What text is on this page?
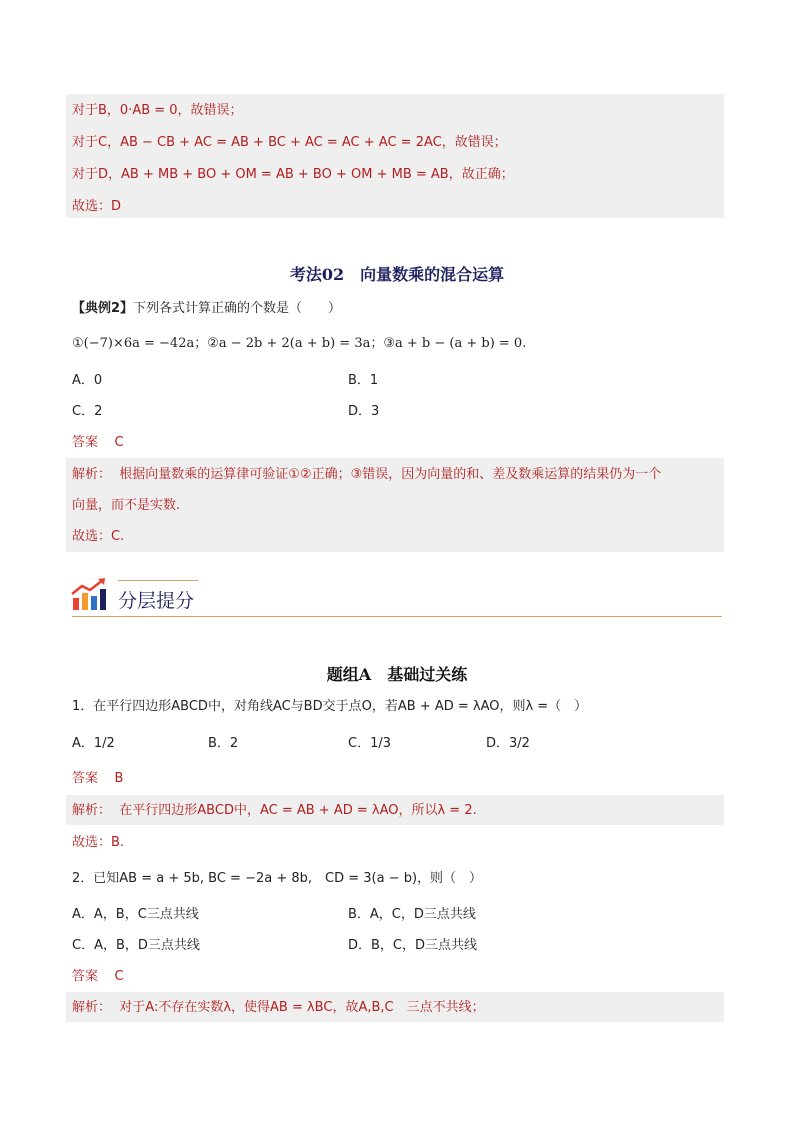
对于B，0·AB = 0，故错误；
对于C，AB − CB + AC = AB + BC + AC = AC + AC = 2AC，故错误；
对于D，AB + MB + BO + OM = AB + BO + OM + MB = AB，故正确；
故选：D
考法02　向量数乘的混合运算
【典例2】下列各式计算正确的个数是（　　）
①(−7)×6a = −42a；②a − 2b + 2(a + b) = 3a；③a + b − (a + b) = 0.
A．0	B．1
C．2	D．3
答案 C
解析： 根据向量数乘的运算律可验证①②正确；③错误，因为向量的和、差及数乘运算的结果仍为一个
向量，而不是实数.
故选：C.
分层提分
题组A　基础过关练
1．在平行四边形ABCD中，对角线AC与BD交于点O，若AB + AD = λAO，则λ =（　）
A．1/2	B．2	C．1/3	D．3/2
答案 B
解析： 在平行四边形ABCD中，AC = AB + AD = λAO，所以λ = 2.
故选：B.
2．已知AB = a + 5b, BC = −2a + 8b,　CD = 3(a − b)，则（　）
A．A，B，C三点共线	B．A，C，D三点共线
C．A，B，D三点共线	D．B，C，D三点共线
答案 C
解析： 对于A:不存在实数λ，使得AB = λBC，故A,B,C　三点不共线；
